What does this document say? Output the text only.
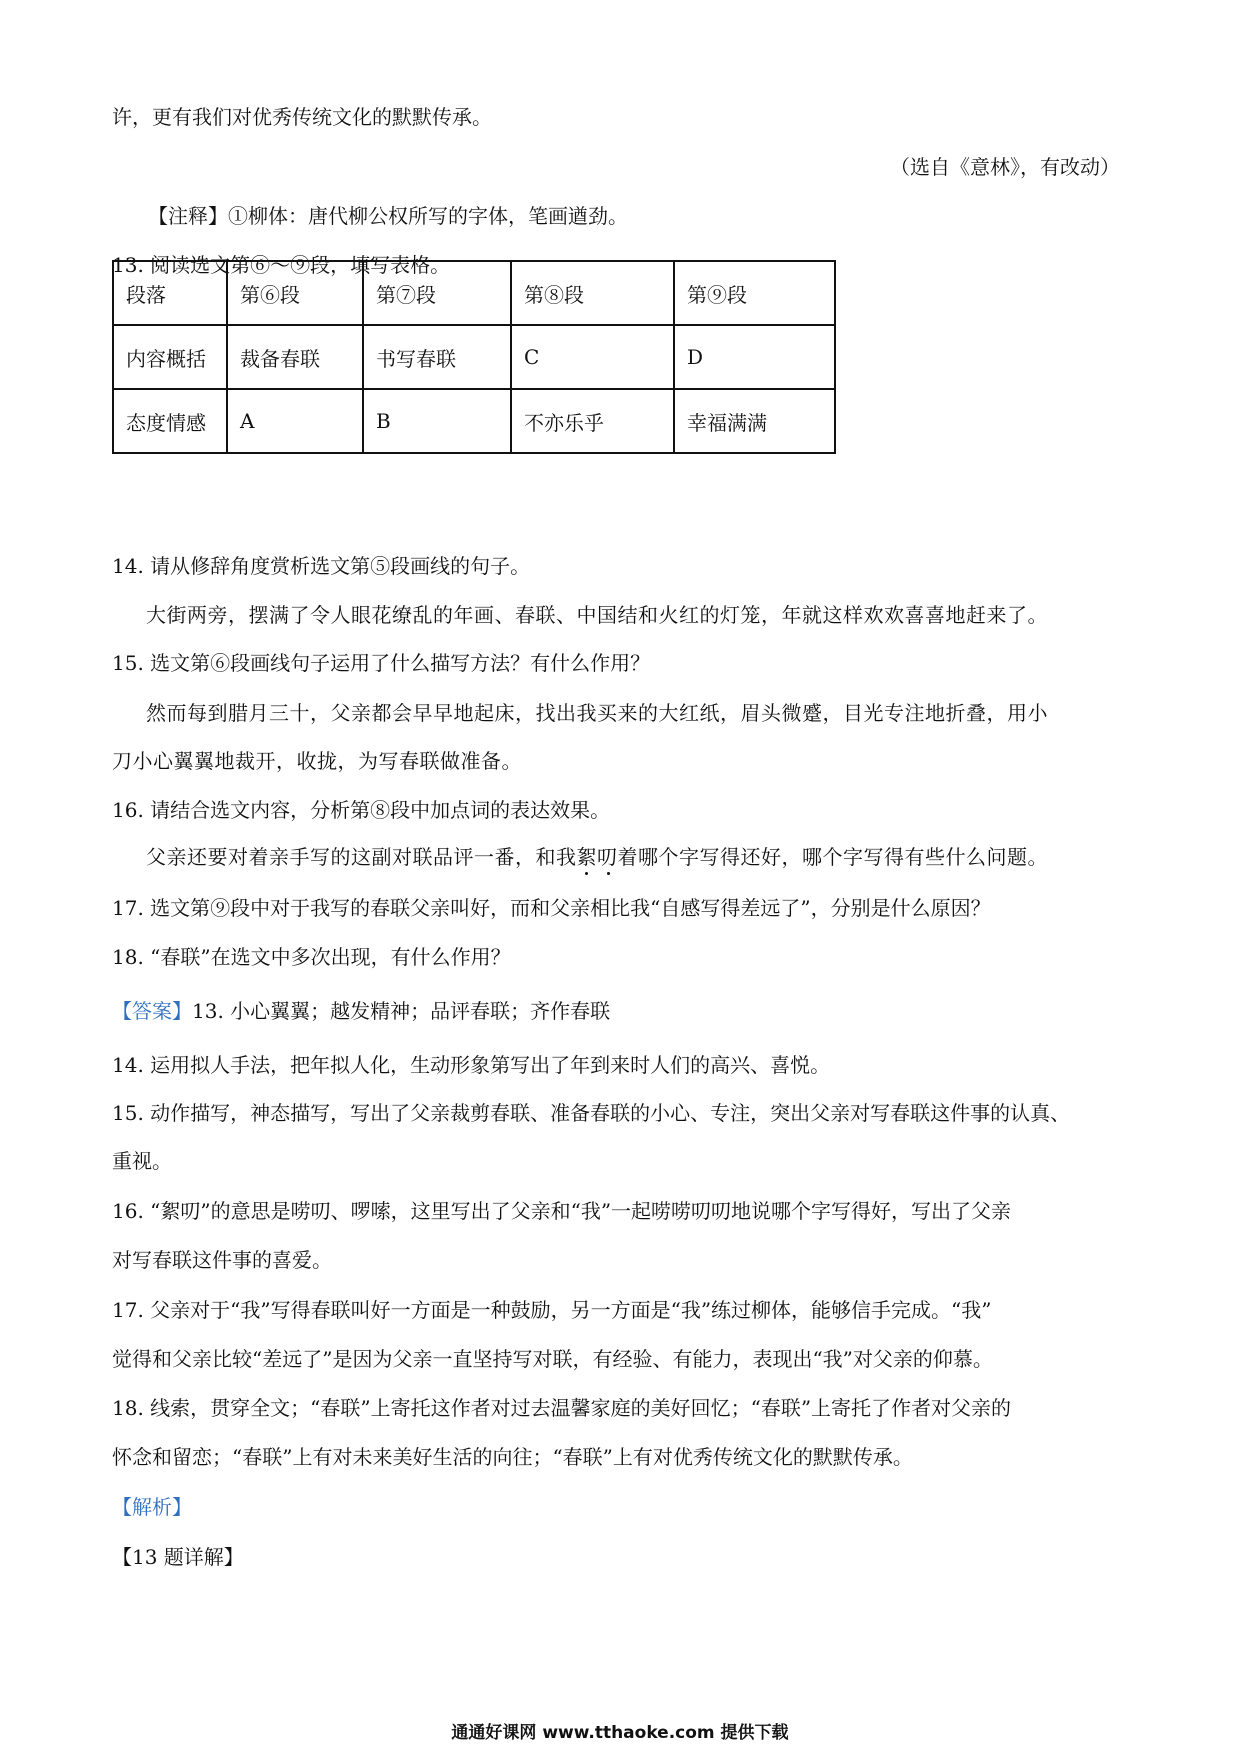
许，更有我们对优秀传统文化的默默传承。
（选自《意林》，有改动）
【注释】①柳体：唐代柳公权所写的字体，笔画遒劲。
13. 阅读选文第⑥～⑨段，填写表格。
段落	第⑥段	第⑦段	第⑧段	第⑨段
内容概括	裁备春联	书写春联	C	D
态度情感	A	B	不亦乐乎	幸福满满
14. 请从修辞角度赏析选文第⑤段画线的句子。
大街两旁，摆满了令人眼花缭乱的年画、春联、中国结和火红的灯笼，年就这样欢欢喜喜地赶来了。
15. 选文第⑥段画线句子运用了什么描写方法？有什么作用？
然而每到腊月三十，父亲都会早早地起床，找出我买来的大红纸，眉头微蹙，目光专注地折叠，用小
刀小心翼翼地裁开，收拢，为写春联做准备。
16. 请结合选文内容，分析第⑧段中加点词的表达效果。
父亲还要对着亲手写的这副对联品评一番，和我絮叨
着哪个字写得还好，哪个字写得有些什么问题。
17. 选文第⑨段中对于我写的春联父亲叫好，而和父亲相比我“自感写得差远了”，分别是什么原因？
18. “春联”在选文中多次出现，有什么作用？
【答案】13. 小心翼翼；越发精神；品评春联；齐作春联
14. 运用拟人手法，把年拟人化，生动形象第写出了年到来时人们的高兴、喜悦。
15. 动作描写，神态描写，写出了父亲裁剪春联、准备春联的小心、专注，突出父亲对写春联这件事的认真、
重视。
16. “絮叨”的意思是唠叨、啰嗦，这里写出了父亲和“我”一起唠唠叨叨地说哪个字写得好，写出了父亲
对写春联这件事的喜爱。
17. 父亲对于“我”写得春联叫好一方面是一种鼓励，另一方面是“我”练过柳体，能够信手完成。“我”
觉得和父亲比较“差远了”是因为父亲一直坚持写对联，有经验、有能力，表现出“我”对父亲的仰慕。
18. 线索，贯穿全文；“春联”上寄托这作者对过去温馨家庭的美好回忆；“春联”上寄托了作者对父亲的
怀念和留恋；“春联”上有对未来美好生活的向往；“春联”上有对优秀传统文化的默默传承。
【解析】
【13 题详解】
通通好课网 www.tthaoke.com 提供下载
